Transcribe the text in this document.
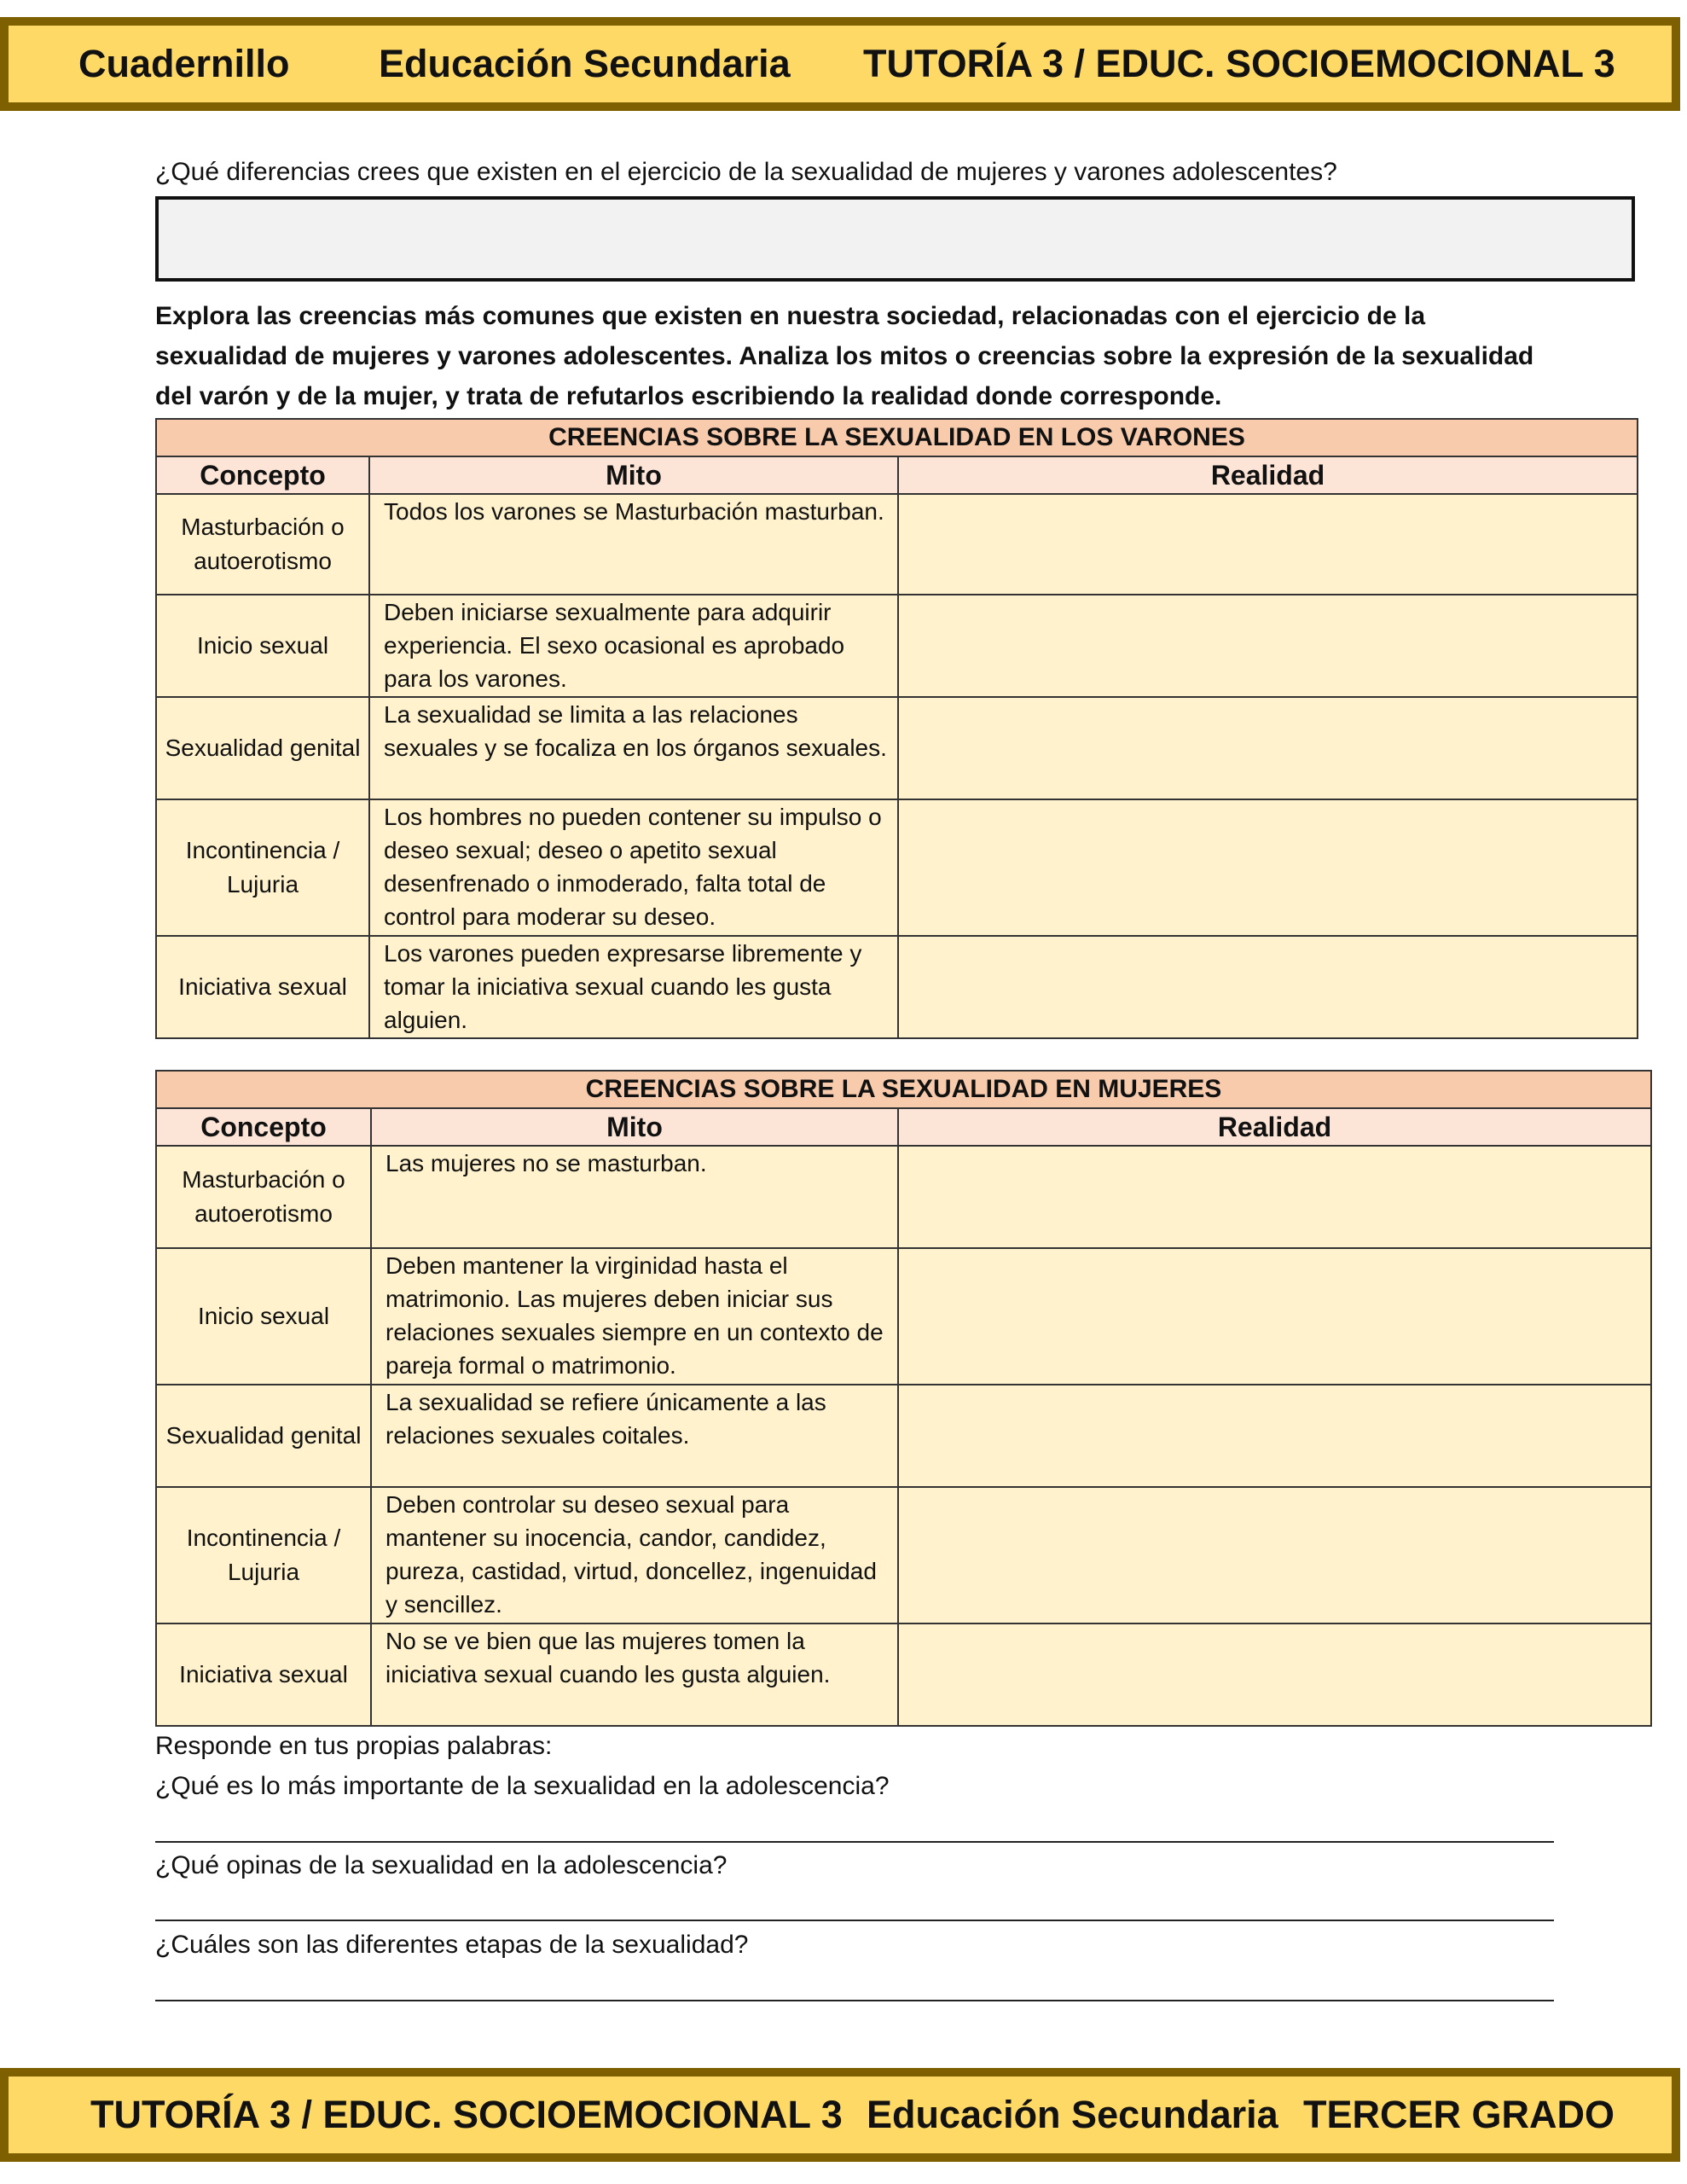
Cuadernillo Educación Secundaria TUTORÍA 3 / EDUC. SOCIOEMOCIONAL 3
¿Qué diferencias crees que existen en el ejercicio de la sexualidad de mujeres y varones adolescentes?
Explora las creencias más comunes que existen en nuestra sociedad, relacionadas con el ejercicio de la sexualidad de mujeres y varones adolescentes. Analiza los mitos o creencias sobre la expresión de la sexualidad del varón y de la mujer, y trata de refutarlos escribiendo la realidad donde corresponde.
CREENCIAS SOBRE LA SEXUALIDAD EN LOS VARONES		
Concepto	Mito	Realidad
Masturbación o autoerotismo	Todos los varones se Masturbación masturban.	
Inicio sexual	Deben iniciarse sexualmente para adquirir experiencia. El sexo ocasional es aprobado para los varones.	
Sexualidad genital	La sexualidad se limita a las relaciones sexuales y se focaliza en los órganos sexuales.	
Incontinencia / Lujuria	Los hombres no pueden contener su impulso o deseo sexual; deseo o apetito sexual desenfrenado o inmoderado, falta total de control para moderar su deseo.	
Iniciativa sexual	Los varones pueden expresarse libremente y tomar la iniciativa sexual cuando les gusta alguien.	
CREENCIAS SOBRE LA SEXUALIDAD EN MUJERES		
Concepto	Mito	Realidad
Masturbación o autoerotismo	Las mujeres no se masturban.	
Inicio sexual	Deben mantener la virginidad hasta el matrimonio. Las mujeres deben iniciar sus relaciones sexuales siempre en un contexto de pareja formal o matrimonio.	
Sexualidad genital	La sexualidad se refiere únicamente a las relaciones sexuales coitales.	
Incontinencia / Lujuria	Deben controlar su deseo sexual para mantener su inocencia, candor, candidez, pureza, castidad, virtud, doncellez, ingenuidad y sencillez.	
Iniciativa sexual	No se ve bien que las mujeres tomen la iniciativa sexual cuando les gusta alguien.	
Responde en tus propias palabras:
¿Qué es lo más importante de la sexualidad en la adolescencia?
¿Qué opinas de la sexualidad en la adolescencia?
¿Cuáles son las diferentes etapas de la sexualidad?
TUTORÍA 3 / EDUC. SOCIOEMOCIONAL 3 Educación Secundaria TERCER GRADO
